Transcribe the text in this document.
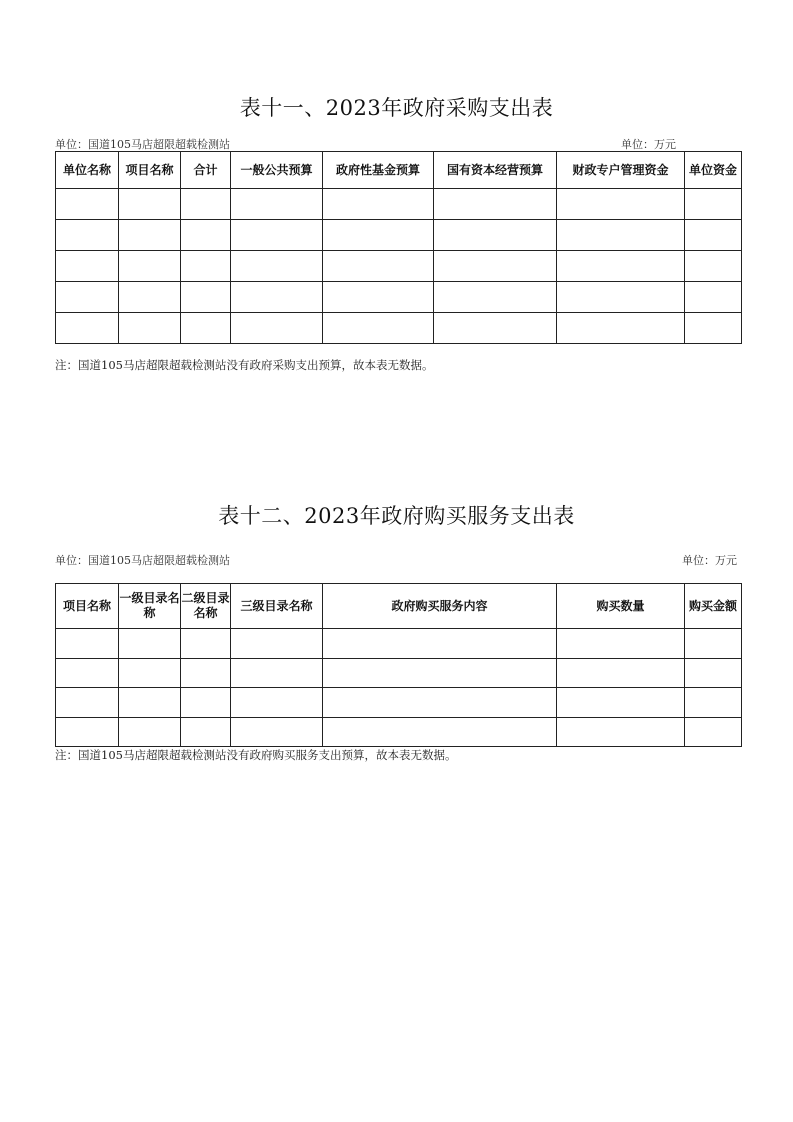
表十一、2023年政府采购支出表
单位：国道105马店超限超载检测站	单位：万元
单位名称	项目名称	合计	一般公共预算	政府性基金预算	国有资本经营预算	财政专户管理资金	单位资金

注：国道105马店超限超载检测站没有政府采购支出预算，故本表无数据。
表十二、2023年政府购买服务支出表
单位：国道105马店超限超载检测站	单位：万元
项目名称	一级目录名称	二级目录名称	三级目录名称	政府购买服务内容	购买数量	购买金额

注：国道105马店超限超载检测站没有政府购买服务支出预算，故本表无数据。
